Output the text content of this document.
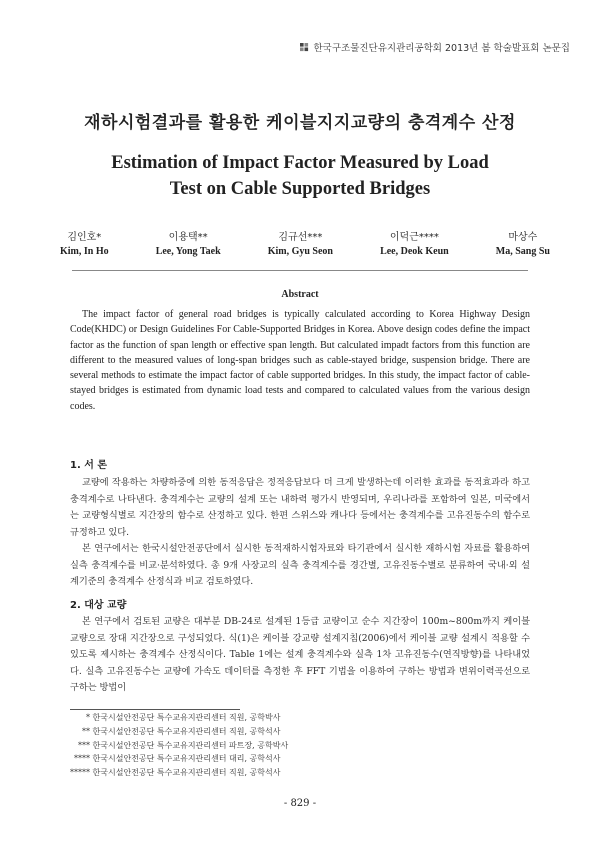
한국구조물진단유지관리공학회 2013년 봄 학술발표회 논문집
재하시험결과를 활용한 케이블지지교량의 충격계수 산정
Estimation of Impact Factor Measured by Load
Test on Cable Supported Bridges
김인호*
Kim, In Ho
이용택**
Lee, Yong Taek
김규선***
Kim, Gyu Seon
이덕근****
Lee, Deok Keun
마상수
Ma, Sang Su
Abstract
The impact factor of general road bridges is typically calculated according to Korea Highway Design Code(KHDC) or Design Guidelines For Cable-Supported Bridges in Korea. Above design codes define the impact factor as the function of span length or effective span length. But calculated impadt factors from this function are different to the measured values of long-span bridges such as cable-stayed bridge, suspension bridge. There are several methods to estimate the impact factor of cable supported bridges. In this study, the impact factor of cable-stayed bridges is estimated from dynamic load tests and compared to calculated values from the various design codes.
1. 서 론
교량에 작용하는 차량하중에 의한 동적응답은 정적응답보다 더 크게 발생하는데 이러한 효과를 동적효과라 하고 충격계수로 나타낸다. 충격계수는 교량의 설계 또는 내하력 평가시 반영되며, 우리나라를 포함하여 일본, 미국에서는 교량형식별로 지간장의 함수로 산정하고 있다. 한편 스위스와 캐나다 등에서는 충격계수를 고유진동수의 함수로 규정하고 있다.
본 연구에서는 한국시설안전공단에서 실시한 동적재하시험자료와 타기관에서 실시한 재하시험 자료를 활용하여 실측 충격계수를 비교·분석하였다. 총 9개 사장교의 실측 충격계수를 경간별, 고유진동수별로 분류하여 국내·외 설계기준의 충격계수 산정식과 비교 검토하였다.
2. 대상 교량
본 연구에서 검토된 교량은 대부분 DB-24로 설계된 1등급 교량이고 순수 지간장이 100m~800m까지 케이블 교량으로 장대 지간장으로 구성되었다. 식(1)은 케이블 강교량 설계지침(2006)에서 케이블 교량 설계시 적용할 수 있도록 제시하는 충격계수 산정식이다. Table 1에는 설계 충격계수와 실측 1차 고유진동수(연직방향)를 나타내었다. 실측 고유진동수는 교량에 가속도 데이터를 측정한 후 FFT 기법을 이용하여 구하는 방법과 변위이력곡선으로 구하는 방법이
* 한국시설안전공단 특수교유지관리센터 직원, 공학박사
** 한국시설안전공단 특수교유지관리센터 직원, 공학석사
*** 한국시설안전공단 특수교유지관리센터 파트장, 공학박사
**** 한국시설안전공단 특수교유지관리센터 대리, 공학석사
***** 한국시설안전공단 특수교유지관리센터 직원, 공학석사
- 829 -
